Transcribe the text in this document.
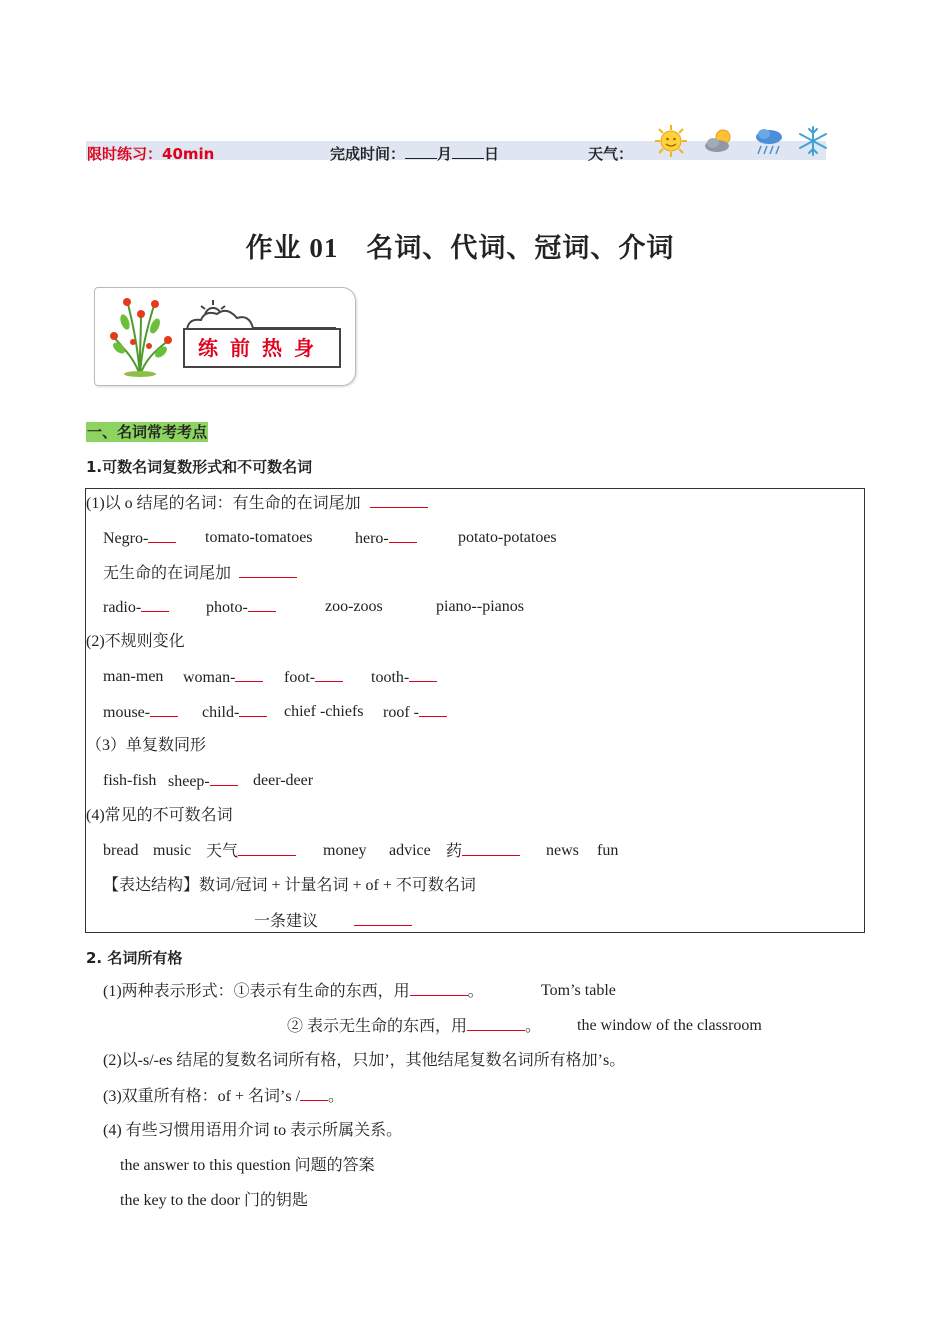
限时练习：40min	完成时间： 月 日	天气：
作业 01　名词、代词、冠词、介词
练前热身
一、名词常考考点
1.可数名词复数形式和不可数名词
(1)以 o 结尾的名词：有生命的在词尾加
Negro-	tomato-tomatoes	hero-	potato-potatoes
无生命的在词尾加
radio-	photo-	zoo-zoos	piano--pianos
(2)不规则变化
man-men woman-	foot-	tooth-
mouse-	child-	chief -chiefs roof -
（3）单复数同形
fish-fish sheep-	deer-deer
(4)常见的不可数名词
bread music 天气	money advice 药	news fun
【表达结构】数词/冠词 + 计量名词 + of + 不可数名词
一条建议
2. 名词所有格
(1)两种表示形式：①表示有生命的东西，用	。	Tom’s table
② 表示无生命的东西，用	。 the window of the classroom
(2)以-s/-es 结尾的复数名词所有格，只加’，其他结尾复数名词所有格加’s。
(3)双重所有格：of + 名词’s / 。
(4) 有些习惯用语用介词 to 表示所属关系。
the answer to this question 问题的答案
the key to the door 门的钥匙
